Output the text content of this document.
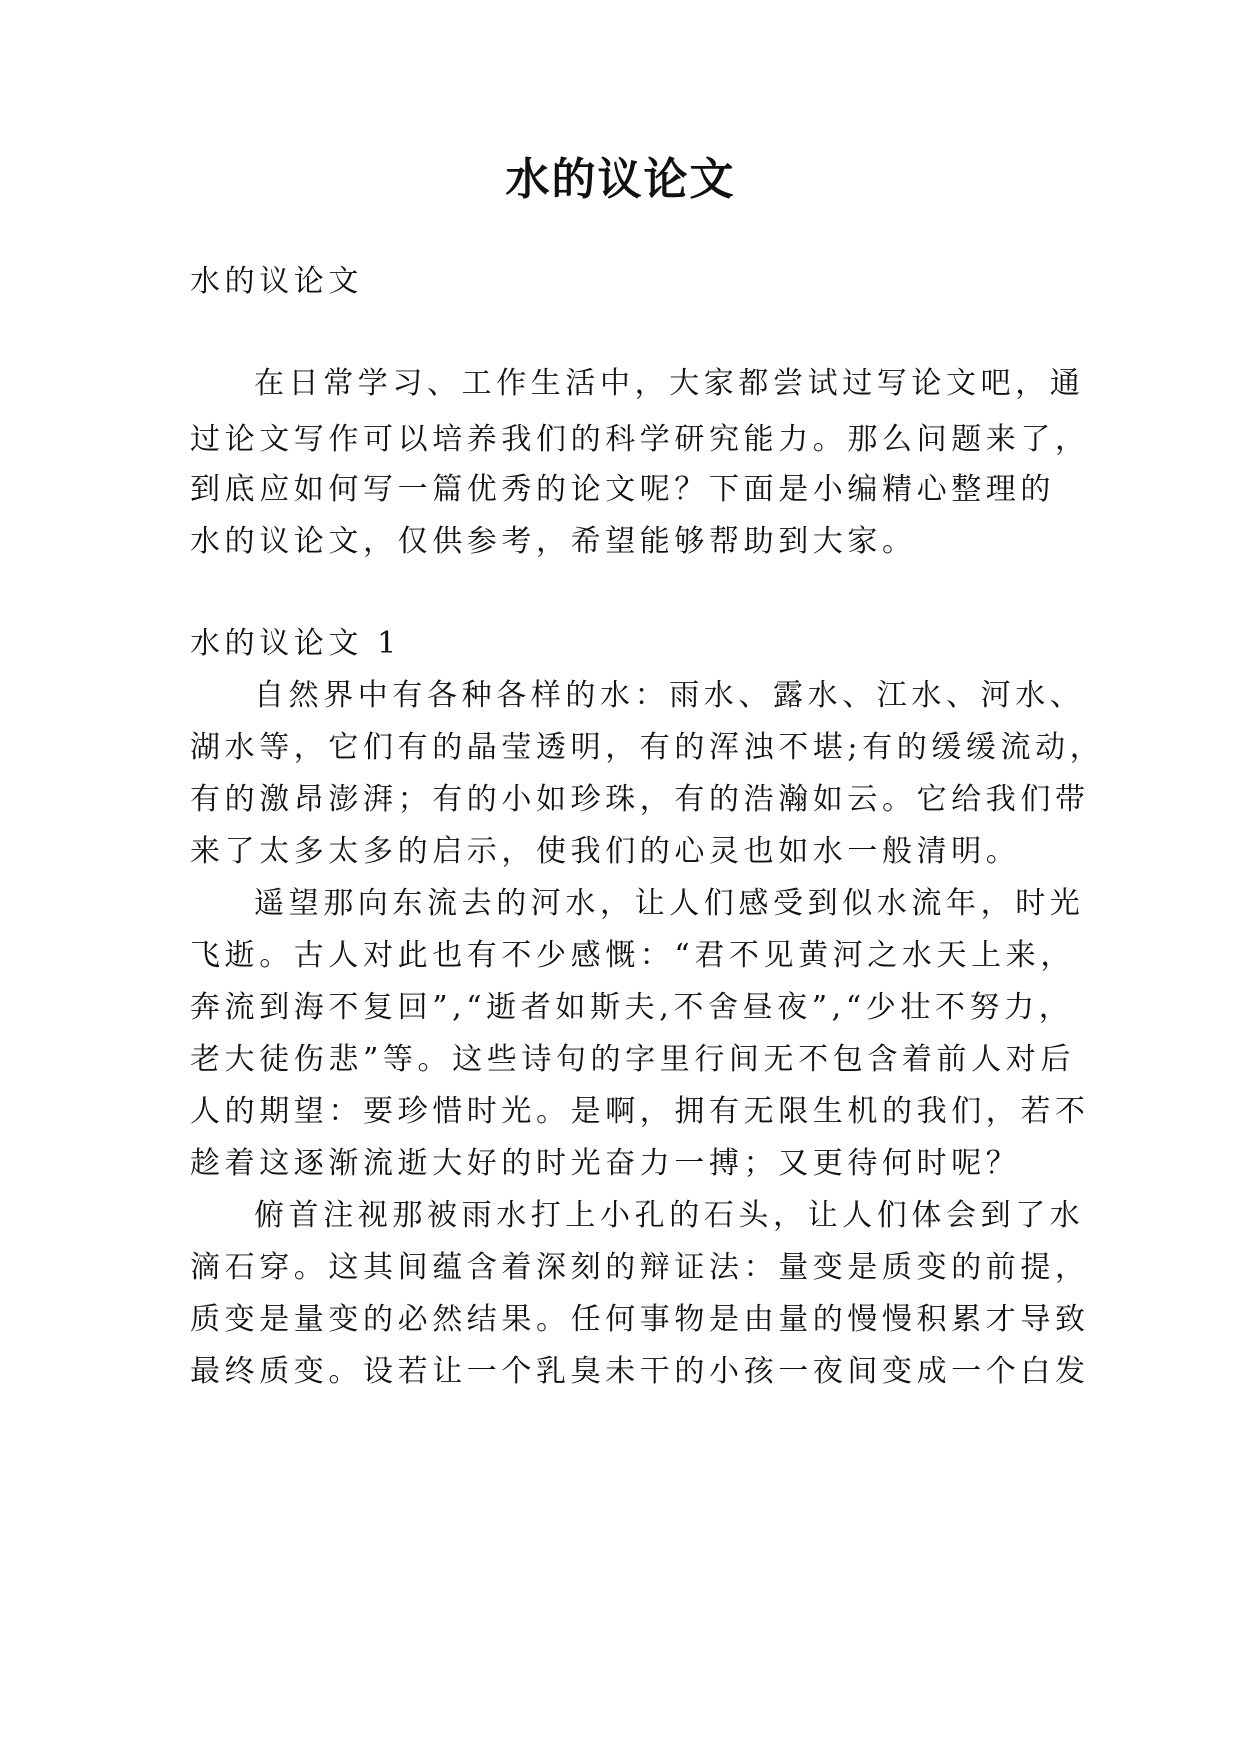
水的议论文
水的议论文
在日常学习、工作生活中，大家都尝试过写论文吧，通
过论文写作可以培养我们的科学研究能力。那么问题来了，
到底应如何写一篇优秀的论文呢？下面是小编精心整理的
水的议论文，仅供参考，希望能够帮助到大家。
水的议论文 1
自然界中有各种各样的水：雨水、露水、江水、河水、
湖水等，它们有的晶莹透明，有的浑浊不堪;有的缓缓流动，
有的激昂澎湃；有的小如珍珠，有的浩瀚如云。它给我们带
来了太多太多的启示，使我们的心灵也如水一般清明。
遥望那向东流去的河水，让人们感受到似水流年，时光
飞逝。古人对此也有不少感慨：“君不见黄河之水天上来，
奔流到海不复回”,“逝者如斯夫,不舍昼夜”,“少壮不努力，
老大徒伤悲”等。这些诗句的字里行间无不包含着前人对后
人的期望：要珍惜时光。是啊，拥有无限生机的我们，若不
趁着这逐渐流逝大好的时光奋力一搏；又更待何时呢？
俯首注视那被雨水打上小孔的石头，让人们体会到了水
滴石穿。这其间蕴含着深刻的辩证法：量变是质变的前提，
质变是量变的必然结果。任何事物是由量的慢慢积累才导致
最终质变。设若让一个乳臭未干的小孩一夜间变成一个白发
